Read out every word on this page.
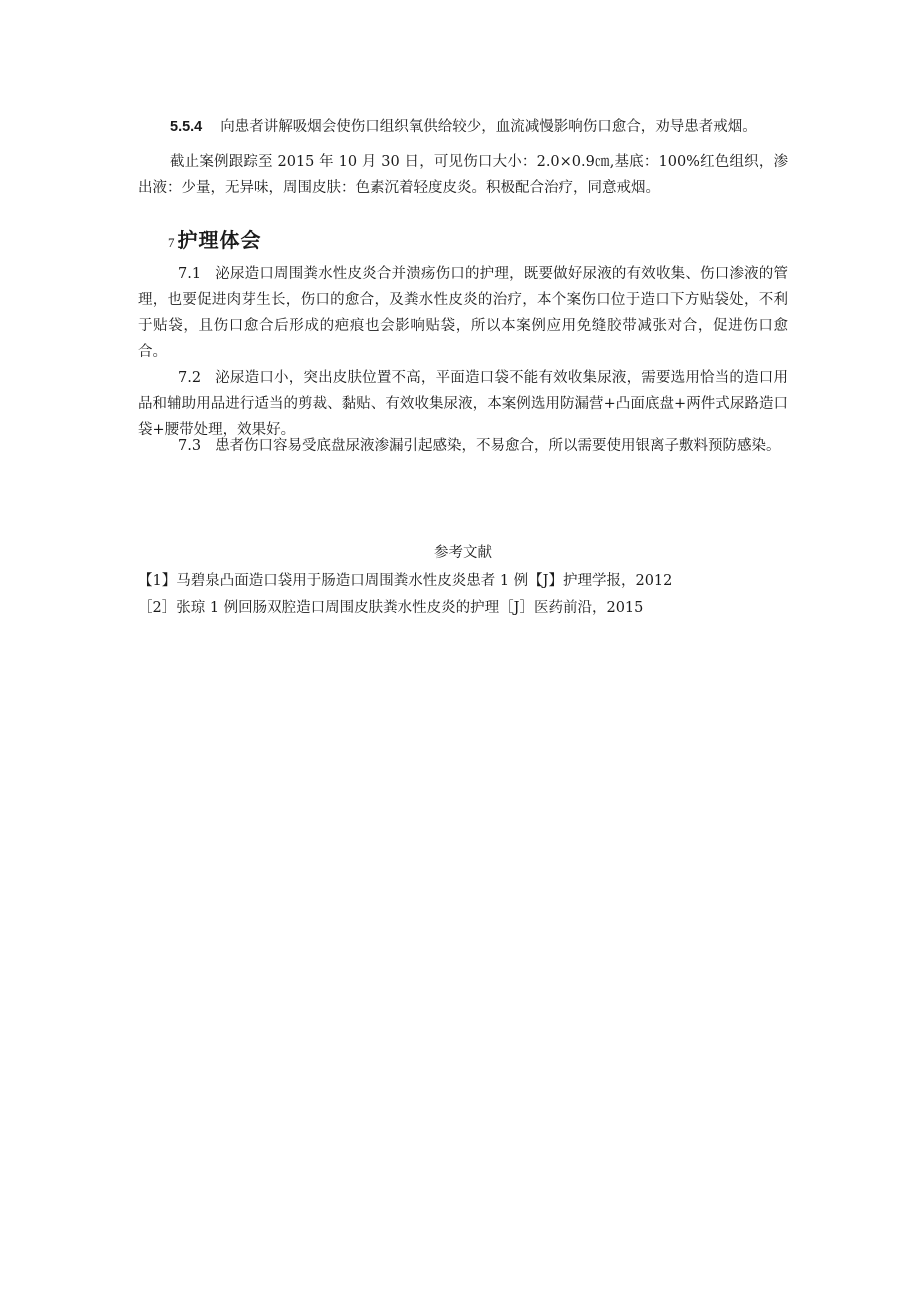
5.5.4 向患者讲解吸烟会使伤口组织氧供给较少，血流减慢影响伤口愈合，劝导患者戒烟。

截止案例跟踪至 2015 年 10 月 30 日，可见伤口大小：2.0×0.9㎝,基底：100%红色组织，渗出液：少量，无异味，周围皮肤：色素沉着轻度皮炎。积极配合治疗，同意戒烟。

7 护理体会

7.1 泌尿造口周围粪水性皮炎合并溃疡伤口的护理，既要做好尿液的有效收集、伤口渗液的管理，也要促进肉芽生长，伤口的愈合，及粪水性皮炎的治疗，本个案伤口位于造口下方贴袋处，不利于贴袋，且伤口愈合后形成的疤痕也会影响贴袋，所以本案例应用免缝胶带减张对合，促进伤口愈合。

7.2 泌尿造口小，突出皮肤位置不高，平面造口袋不能有效收集尿液，需要选用恰当的造口用品和辅助用品进行适当的剪裁、黏贴、有效收集尿液，本案例选用防漏营+凸面底盘+两件式尿路造口袋+腰带处理，效果好。

7.3 患者伤口容易受底盘尿液渗漏引起感染，不易愈合，所以需要使用银离子敷料预防感染。

参考文献

【1】马碧泉凸面造口袋用于肠造口周围粪水性皮炎患者 1 例【J】护理学报，2012

［2］张琼 1 例回肠双腔造口周围皮肤粪水性皮炎的护理［J］医药前沿，2015
